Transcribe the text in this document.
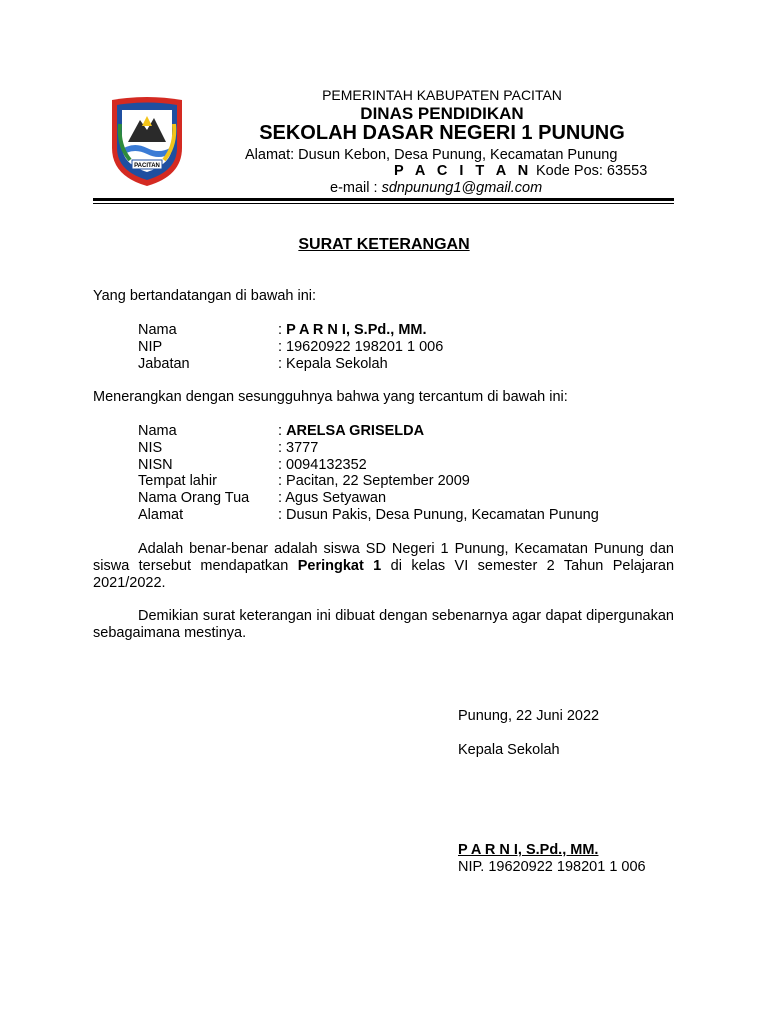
PACITAN
PEMERINTAH KABUPATEN PACITAN
DINAS PENDIDIKAN
SEKOLAH DASAR NEGERI 1 PUNUNG
Alamat: Dusun Kebon, Desa Punung, Kecamatan Punung
P A C I T A N Kode Pos: 63553
e-mail : sdnpunung1@gmail.com
SURAT KETERANGAN
Yang bertandatangan di bawah ini:
Nama	: P A R N I, S.Pd., MM.
NIP	: 19620922 198201 1 006
Jabatan	: Kepala Sekolah
Menerangkan dengan sesungguhnya bahwa yang tercantum di bawah ini:
Nama	: ARELSA GRISELDA
NIS	: 3777
NISN	: 0094132352
Tempat lahir	: Pacitan, 22 September 2009
Nama Orang Tua : Agus Setyawan
Alamat	: Dusun Pakis, Desa Punung, Kecamatan Punung
Adalah benar-benar adalah siswa SD Negeri 1 Punung, Kecamatan Punung dan siswa tersebut mendapatkan Peringkat 1 di kelas VI semester 2 Tahun Pelajaran 2021/2022.
Demikian surat keterangan ini dibuat dengan sebenarnya agar dapat dipergunakan sebagaimana mestinya.
Punung, 22 Juni 2022
Kepala Sekolah
P A R N I, S.Pd., MM.
NIP. 19620922 198201 1 006
